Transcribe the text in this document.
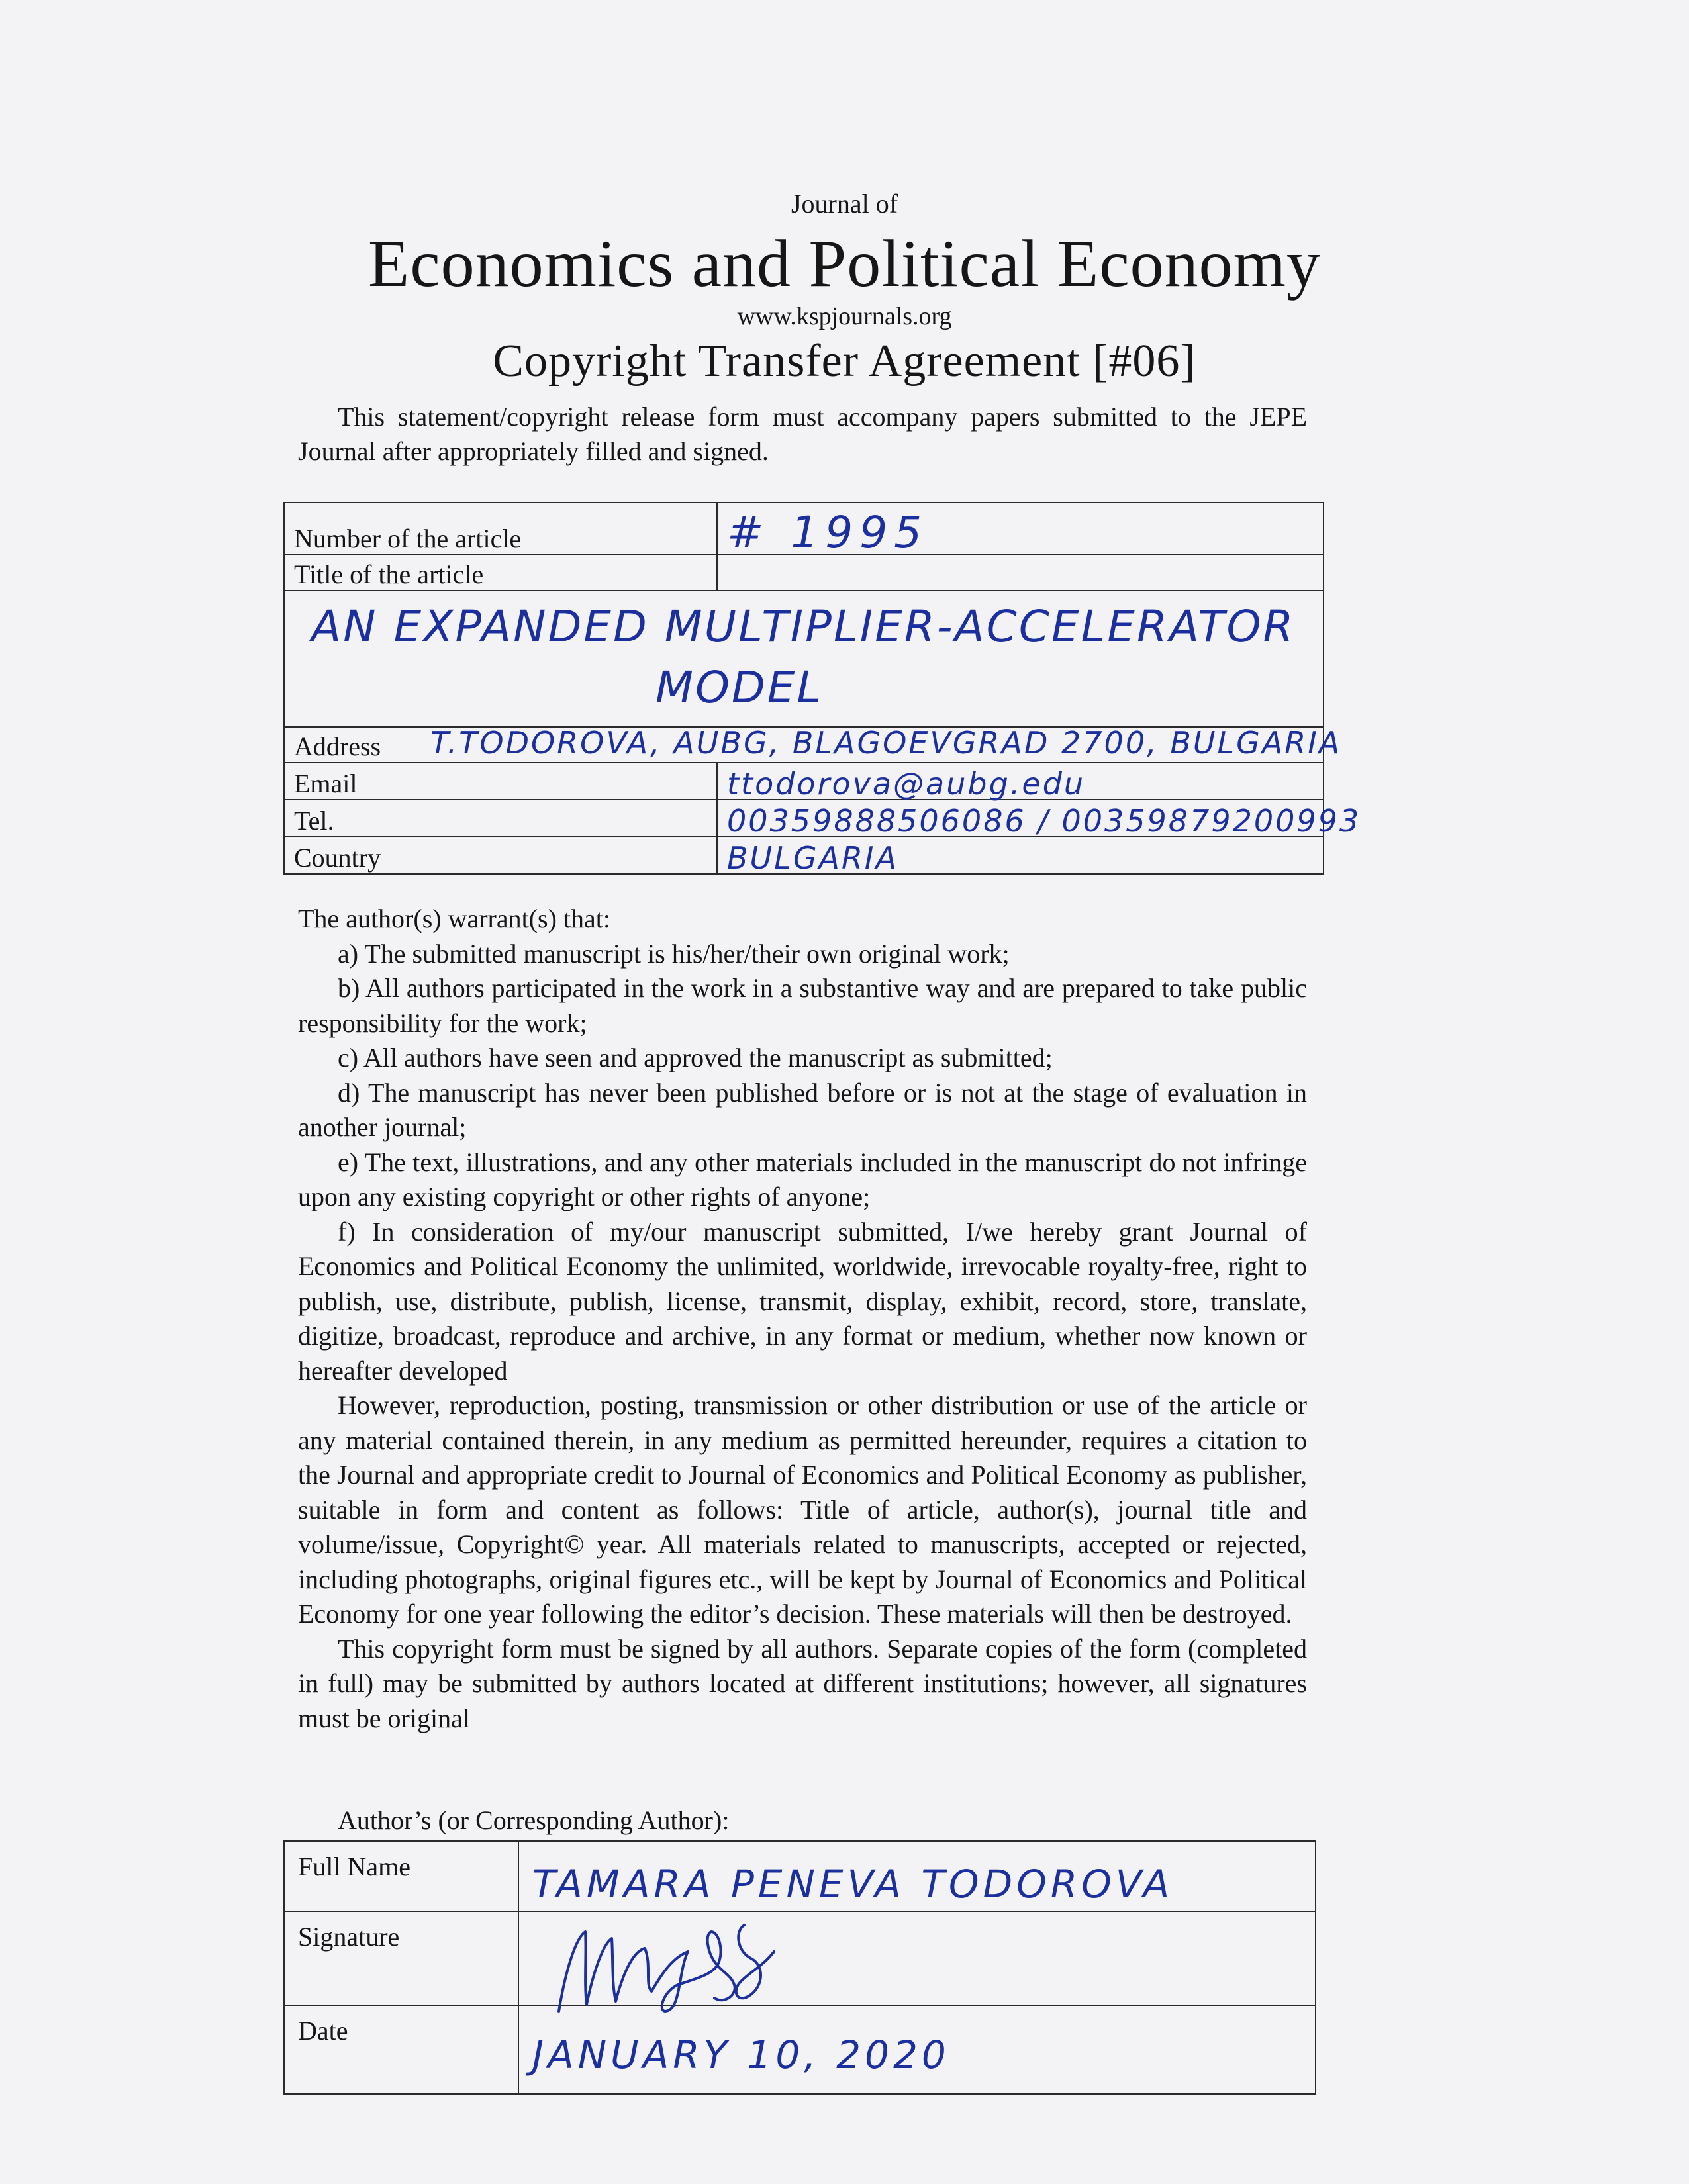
Journal of
Economics and Political Economy
www.kspjournals.org
Copyright Transfer Agreement [#06]
This statement/copyright release form must accompany papers submitted to the JEPE Journal after appropriately filled and signed.
Number of the article	# 1995
Title of the article	

AN EXPANDED MULTIPLIER-ACCELERATOR
MODEL	

Address T.TODOROVA, AUBG, BLAGOEVGRAD 2700, BULGARIA	

Email	ttodorova@aubg.edu
Tel.	00359888506086 / 00359879200993
Country	BULGARIA

The author(s) warrant(s) that:

a) The submitted manuscript is his/her/their own original work;

b) All authors participated in the work in a substantive way and are prepared to take public responsibility for the work;

c) All authors have seen and approved the manuscript as submitted;

d) The manuscript has never been published before or is not at the stage of evaluation in another journal;

e) The text, illustrations, and any other materials included in the manuscript do not infringe upon any existing copyright or other rights of anyone;

f) In consideration of my/our manuscript submitted, I/we hereby grant Journal of Economics and Political Economy the unlimited, worldwide, irrevocable royalty-free, right to publish, use, distribute, publish, license, transmit, display, exhibit, record, store, translate, digitize, broadcast, reproduce and archive, in any format or medium, whether now known or hereafter developed

However, reproduction, posting, transmission or other distribution or use of the article or any material contained therein, in any medium as permitted hereunder, requires a citation to the Journal and appropriate credit to Journal of Economics and Political Economy as publisher, suitable in form and content as follows: Title of article, author(s), journal title and volume/issue, Copyright© year. All materials related to manuscripts, accepted or rejected, including photographs, original figures etc., will be kept by Journal of Economics and Political Economy for one year following the editor’s decision. These materials will then be destroyed.

This copyright form must be signed by all authors. Separate copies of the form (completed in full) may be submitted by authors located at different institutions; however, all signatures must be original

Author’s (or Corresponding Author):
Full Name	TAMARA PENEVA TODOROVA

Signature	

Date	JANUARY 10, 2020
